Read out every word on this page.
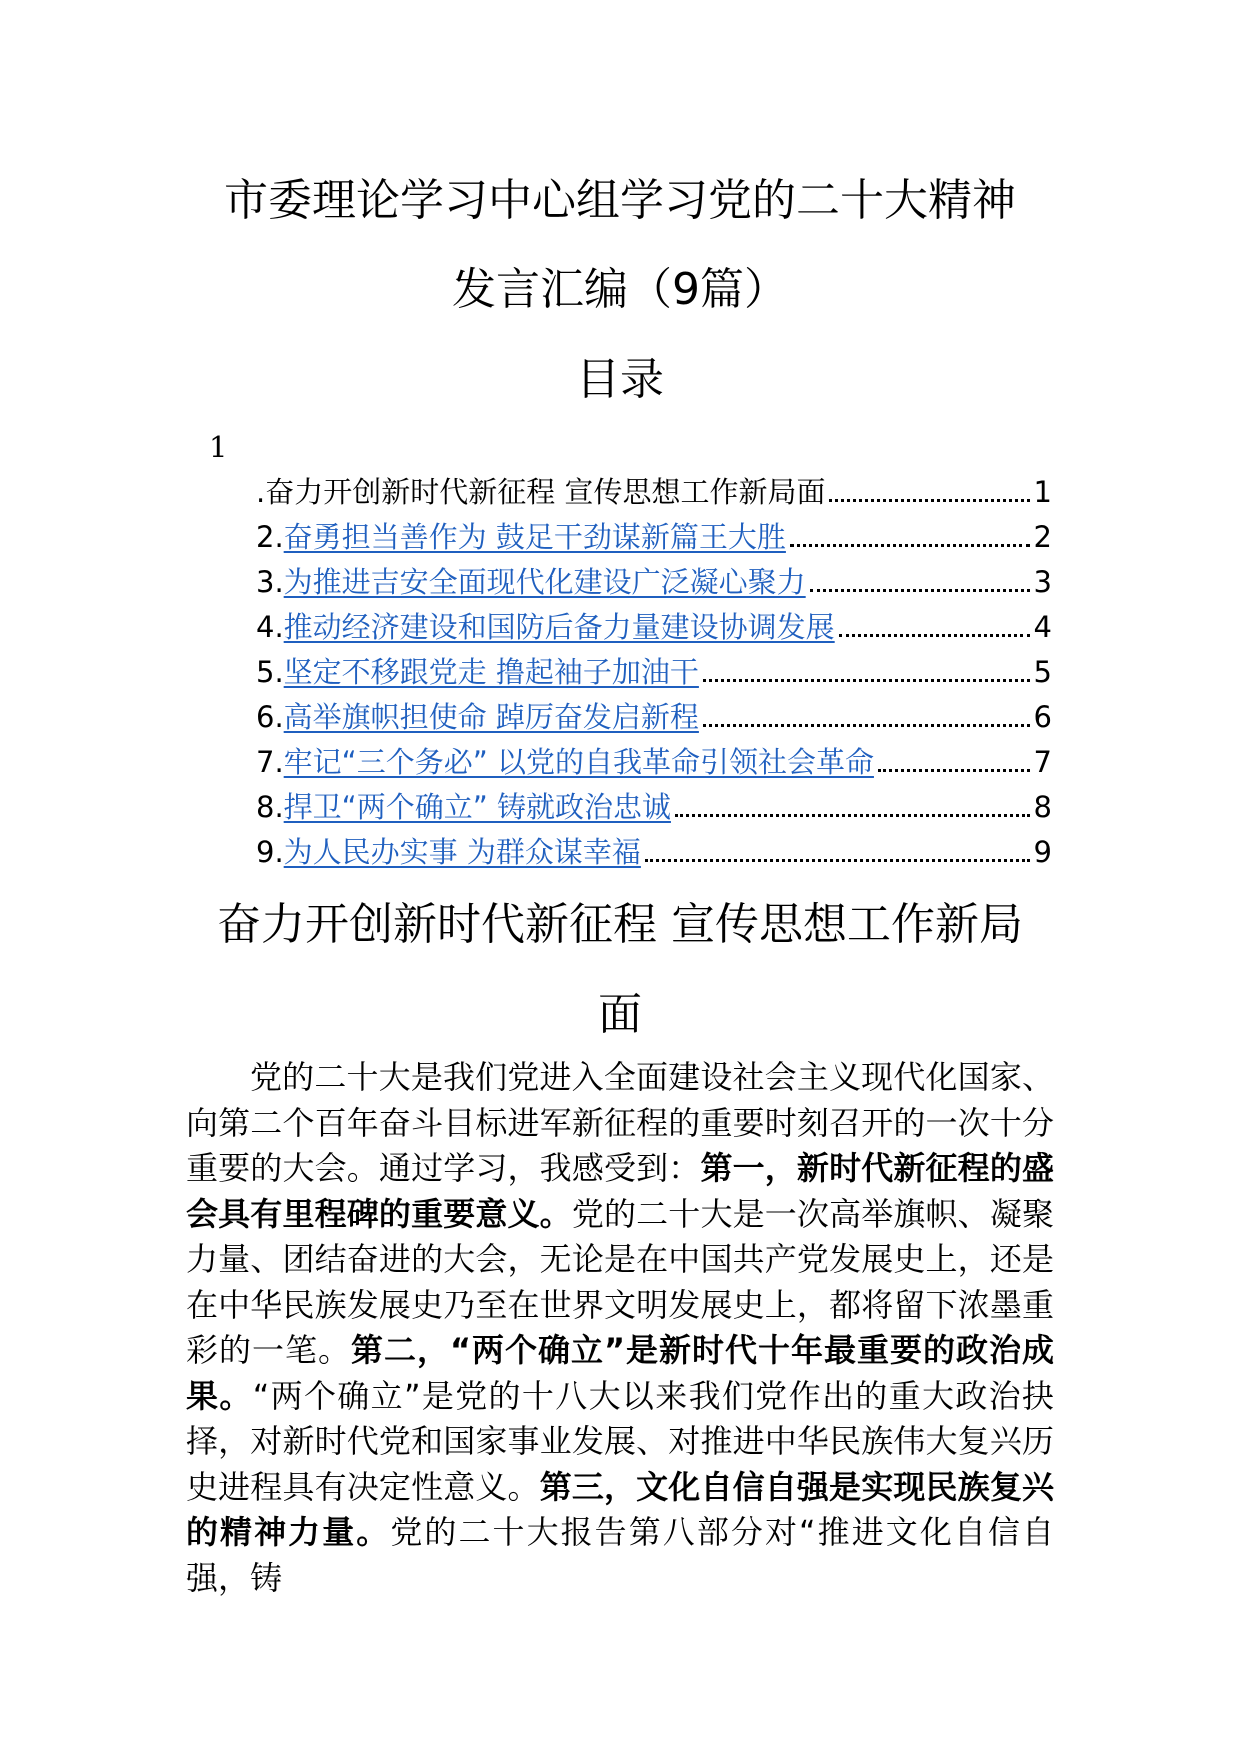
市委理论学习中心组学习党的二十大精神
发言汇编（9篇）
目录
1
. 奋力开创新时代新征程 宣传思想工作新局面	1
2. 奋勇担当善作为 鼓足干劲谋新篇王大胜	2
3. 为推进吉安全面现代化建设广泛凝心聚力	3
4. 推动经济建设和国防后备力量建设协调发展	4
5. 坚定不移跟党走 撸起袖子加油干	5
6. 高举旗帜担使命 踔厉奋发启新程	6
7. 牢记“三个务必” 以党的自我革命引领社会革命	7
8. 捍卫“两个确立” 铸就政治忠诚	8
9. 为人民办实事 为群众谋幸福	9
奋力开创新时代新征程 宣传思想工作新局
面

党的二十大是我们党进入全面建设社会主义现代化国家、向第二个百年奋斗目标进军新征程的重要时刻召开的一次十分重要的大会。通过学习，我感受到：第一，新时代新征程的盛会具有里程碑的重要意义。党的二十大是一次高举旗帜、凝聚力量、团结奋进的大会，无论是在中国共产党发展史上，还是在中华民族发展史乃至在世界文明发展史上，都将留下浓墨重彩的一笔。第二，“两个确立”是新时代十年最重要的政治成果。“两个确立”是党的十八大以来我们党作出的重大政治抉择，对新时代党和国家事业发展、对推进中华民族伟大复兴历史进程具有决定性意义。第三，文化自信自强是实现民族复兴的精神力量。党的二十大报告第八部分对“推进文化自信自强，铸
